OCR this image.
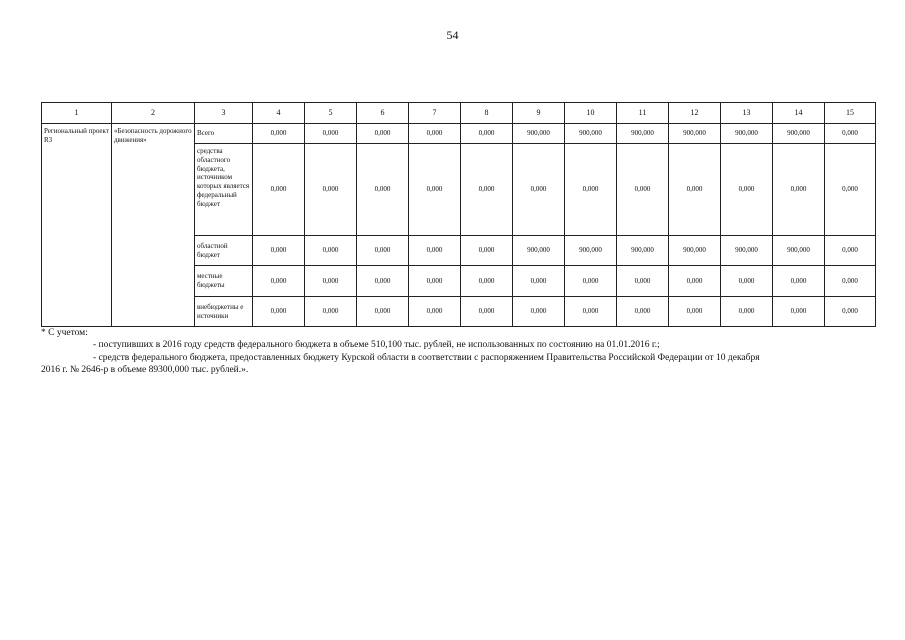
54
1	2	3	4	5	6	7	8	9	10	11	12	13	14	15
Региональный проект R3	«Безопасность дорожного движения»	Всего	0,000	0,000	0,000	0,000	0,000	900,000	900,000	900,000	900,000	900,000	900,000	0,000
		средства областного бюджета, источником которых является федеральный бюджет	0,000	0,000	0,000	0,000	0,000	0,000	0,000	0,000	0,000	0,000	0,000	0,000
		областной бюджет	0,000	0,000	0,000	0,000	0,000	900,000	900,000	900,000	900,000	900,000	900,000	0,000
		местные бюджеты	0,000	0,000	0,000	0,000	0,000	0,000	0,000	0,000	0,000	0,000	0,000	0,000
		внебюджетны е источники	0,000	0,000	0,000	0,000	0,000	0,000	0,000	0,000	0,000	0,000	0,000	0,000

* С учетом:

- поступивших в 2016 году средств федерального бюджета в объеме 510,100 тыс. рублей, не использованных по состоянию на 01.01.2016 г.;

- средств федерального бюджета, предоставленных бюджету Курской области в соответствии с распоряжением Правительства Российской Федерации от 10 декабря

2016 г. № 2646-р в объеме 89300,000 тыс. рублей.».
